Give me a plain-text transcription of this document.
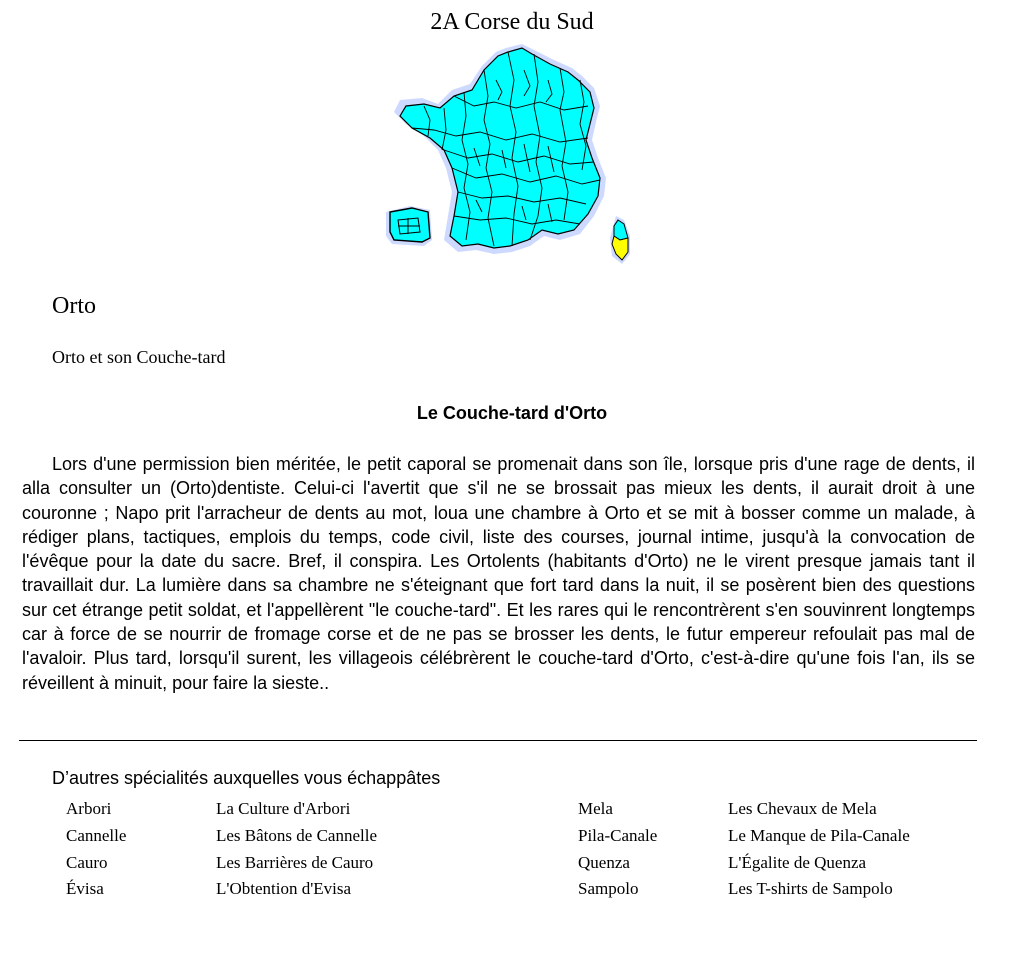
2A Corse du Sud
Orto
Orto et son Couche-tard
Le Couche-tard d'Orto

Lors d'une permission bien méritée, le petit caporal se promenait dans son île, lorsque pris d'une rage de dents, il alla consulter un (Orto)dentiste. Celui-ci l'avertit que s'il ne se brossait pas mieux les dents, il aurait droit à une couronne ; Napo prit l'arracheur de dents au mot, loua une chambre à Orto et se mit à bosser comme un malade, à rédiger plans, tactiques, emplois du temps, code civil, liste des courses, journal intime, jusqu'à la convocation de l'évêque pour la date du sacre. Bref, il conspira. Les Ortolents (habitants d'Orto) ne le virent presque jamais tant il travaillait dur. La lumière dans sa chambre ne s'éteignant que fort tard dans la nuit, il se posèrent bien des questions sur cet étrange petit soldat, et l'appellèrent "le couche-tard". Et les rares qui le rencontrèrent s'en souvinrent longtemps car à force de se nourrir de fromage corse et de ne pas se brosser les dents, le futur empereur refoulait pas mal de l'avaloir. Plus tard, lorsqu'il surent, les villageois célébrèrent le couche-tard d'Orto, c'est-à-dire qu'une fois l'an, ils se réveillent à minuit, pour faire la sieste..

D’autres spécialités auxquelles vous échappâtes
Arbori	La Culture d'Arbori
Cannelle	Les Bâtons de Cannelle
Cauro	Les Barrières de Cauro
Évisa	L'Obtention d'Evisa
Mela	Les Chevaux de Mela
Pila-Canale	Le Manque de Pila-Canale
Quenza	L'Égalite de Quenza
Sampolo	Les T-shirts de Sampolo
